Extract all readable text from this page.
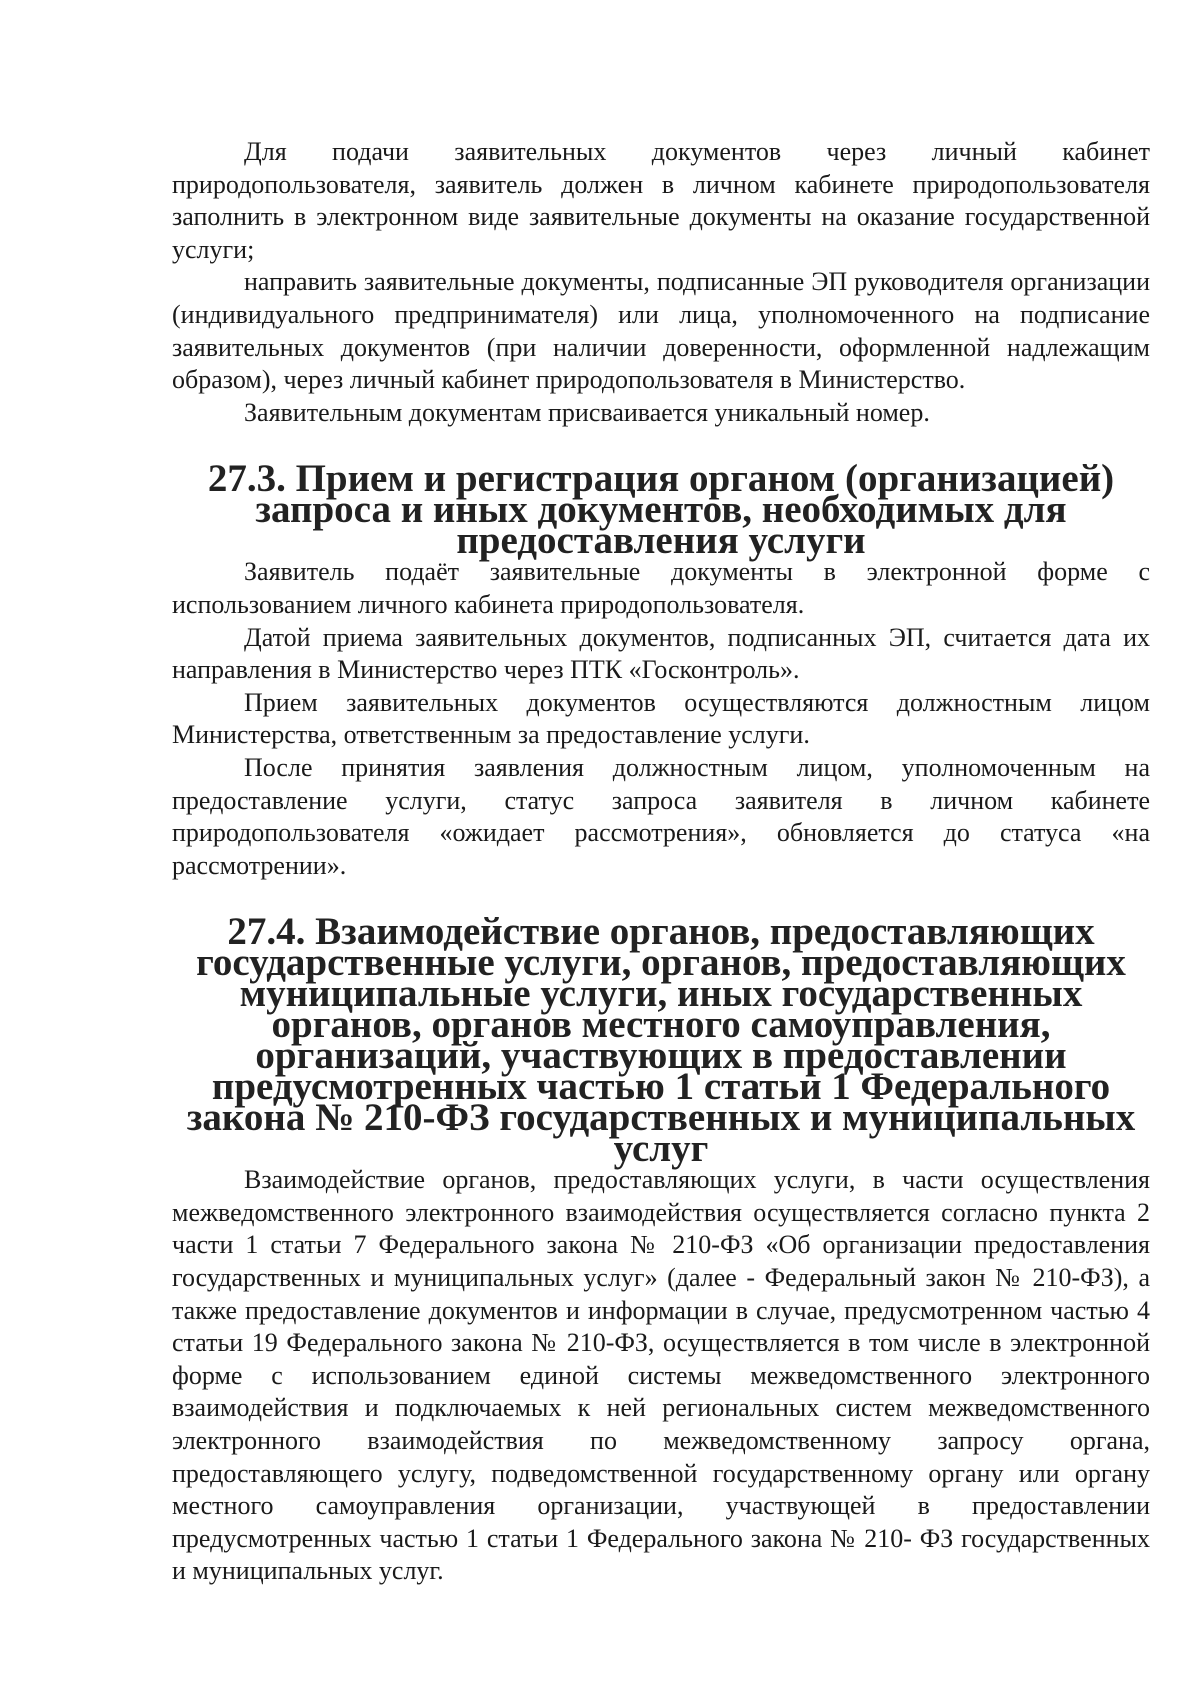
Для подачи заявительных документов через личный кабинет природопользователя, заявитель должен в личном кабинете природопользователя заполнить в электронном виде заявительные документы на оказание государственной услуги;

направить заявительные документы, подписанные ЭП руководителя организации (индивидуального предпринимателя) или лица, уполномоченного на подписание заявительных документов (при наличии доверенности, оформленной надлежащим образом), через личный кабинет природопользователя в Министерство.

Заявительным документам присваивается уникальный номер.

27.3. Прием и регистрация органом (организацией) запроса и иных документов, необходимых для предоставления услуги

Заявитель подаёт заявительные документы в электронной форме с использованием личного кабинета природопользователя.

Датой приема заявительных документов, подписанных ЭП, считается дата их направления в Министерство через ПТК «Госконтроль».

Прием заявительных документов осуществляются должностным лицом Министерства, ответственным за предоставление услуги.

После принятия заявления должностным лицом, уполномоченным на предоставление услуги, статус запроса заявителя в личном кабинете природопользователя «ожидает рассмотрения», обновляется до статуса «на рассмотрении».

27.4. Взаимодействие органов, предоставляющих государственные услуги, органов, предоставляющих муниципальные услуги, иных государственных органов, органов местного самоуправления, организаций, участвующих в предоставлении предусмотренных частью 1 статьи 1 Федерального закона № 210-ФЗ государственных и муниципальных услуг

Взаимодействие органов, предоставляющих услуги, в части осуществления межведомственного электронного взаимодействия осуществляется согласно пункта 2 части 1 статьи 7 Федерального закона № 210-ФЗ «Об организации предоставления государственных и муниципальных услуг» (далее - Федеральный закон № 210-ФЗ), а также предоставление документов и информации в случае, предусмотренном частью 4 статьи 19 Федерального закона № 210-ФЗ, осуществляется в том числе в электронной форме с использованием единой системы межведомственного электронного взаимодействия и подключаемых к ней региональных систем межведомственного электронного взаимодействия по межведомственному запросу органа, предоставляющего услугу, подведомственной государственному органу или органу местного самоуправления организации, участвующей в предоставлении предусмотренных частью 1 статьи 1 Федерального закона № 210- ФЗ государственных и муниципальных услуг.
